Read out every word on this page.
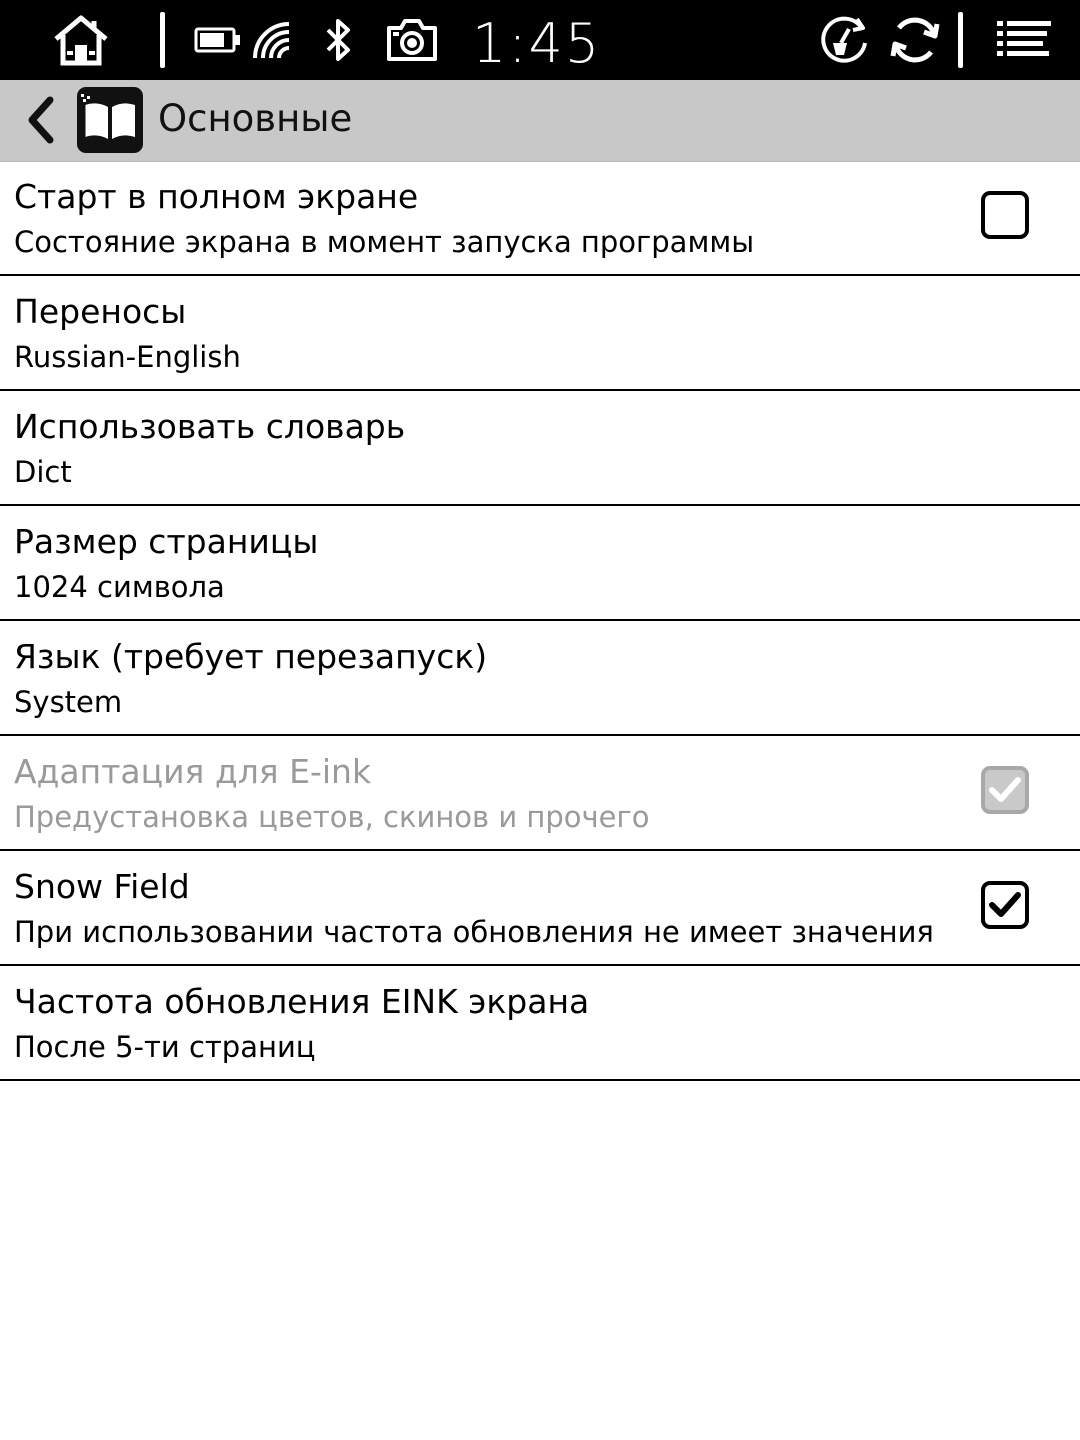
1:45
Основные
Старт в полном экране
Состояние экрана в момент запуска программы
Переносы
Russian-English
Использовать словарь
Dict
Размер страницы
1024 символа
Язык (требует перезапуск)
System
Адаптация для E-ink
Предустановка цветов, скинов и прочего
Snow Field
При использовании частота обновления не имеет значения
Частота обновления EINK экрана
После 5-ти страниц
